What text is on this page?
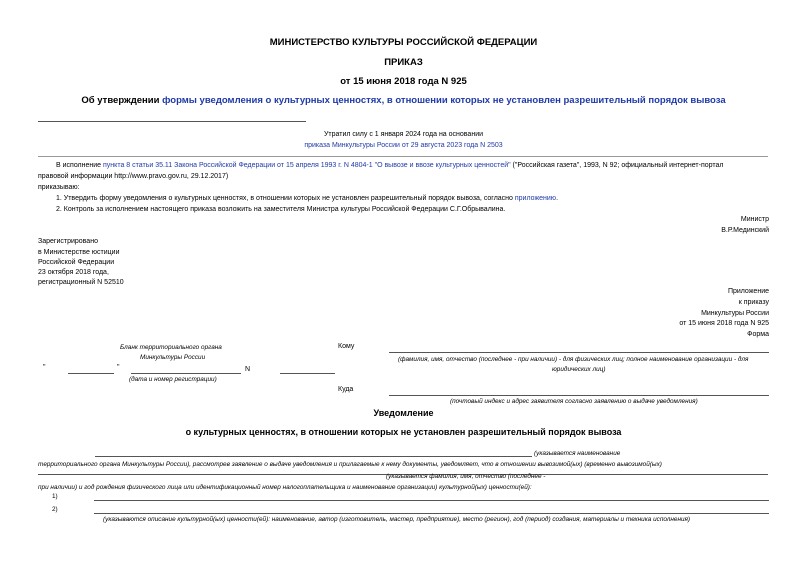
МИНИСТЕРСТВО КУЛЬТУРЫ РОССИЙСКОЙ ФЕДЕРАЦИИ
ПРИКАЗ
от 15 июня 2018 года N 925
Об утверждении формы уведомления о культурных ценностях, в отношении которых не установлен разрешительный порядок вывоза
Утратил силу с 1 января 2024 года на основании
приказа Минкультуры России от 29 августа 2023 года N 2503
В исполнение пункта 8 статьи 35.11 Закона Российской Федерации от 15 апреля 1993 г. N 4804-1 "О вывозе и ввозе культурных ценностей" ("Российская газета", 1993, N 92; официальный интернет-портал
правовой информации http://www.pravo.gov.ru, 29.12.2017)
приказываю:
1. Утвердить форму уведомления о культурных ценностях, в отношении которых не установлен разрешительный порядок вывоза, согласно приложению.
2. Контроль за исполнением настоящего приказа возложить на заместителя Министра культуры Российской Федерации С.Г.Обрывалина.
Министр
В.Р.Мединский
Зарегистрировано
в Министерстве юстиции
Российской Федерации
23 октября 2018 года,
регистрационный N 52510
Приложение
к приказу
Минкультуры России
от 15 июня 2018 года N 925
Форма
Бланк территориального органа
Минкультуры России
Кому
(фамилия, имя, отчество (последнее - при наличии) - для физических лиц; полное наименование организации - для
юридических лиц)
"	"	N
(дата и номер регистрации)
Куда
(почтовый индекс и адрес заявителя согласно заявлению о выдаче уведомления)
Уведомление
о культурных ценностях, в отношении которых не установлен разрешительный порядок вывоза
(указывается наименование
территориального органа Минкультуры России), рассмотрев заявление о выдаче уведомления и прилагаемые к нему документы, уведомляет, что в отношении вывозимой(ых) (временно вывозимой(ых)
(указывается фамилия, имя, отчество (последнее -
при наличии) и год рождения физического лица или идентификационный номер налогоплательщика и наименование организации) культурной(ых) ценности(ей):
1)
2)
(указываются описание культурной(ых) ценности(ей): наименование, автор (изготовитель, мастер, предприятие), место (регион), год (период) создания, материалы и техника исполнения)
